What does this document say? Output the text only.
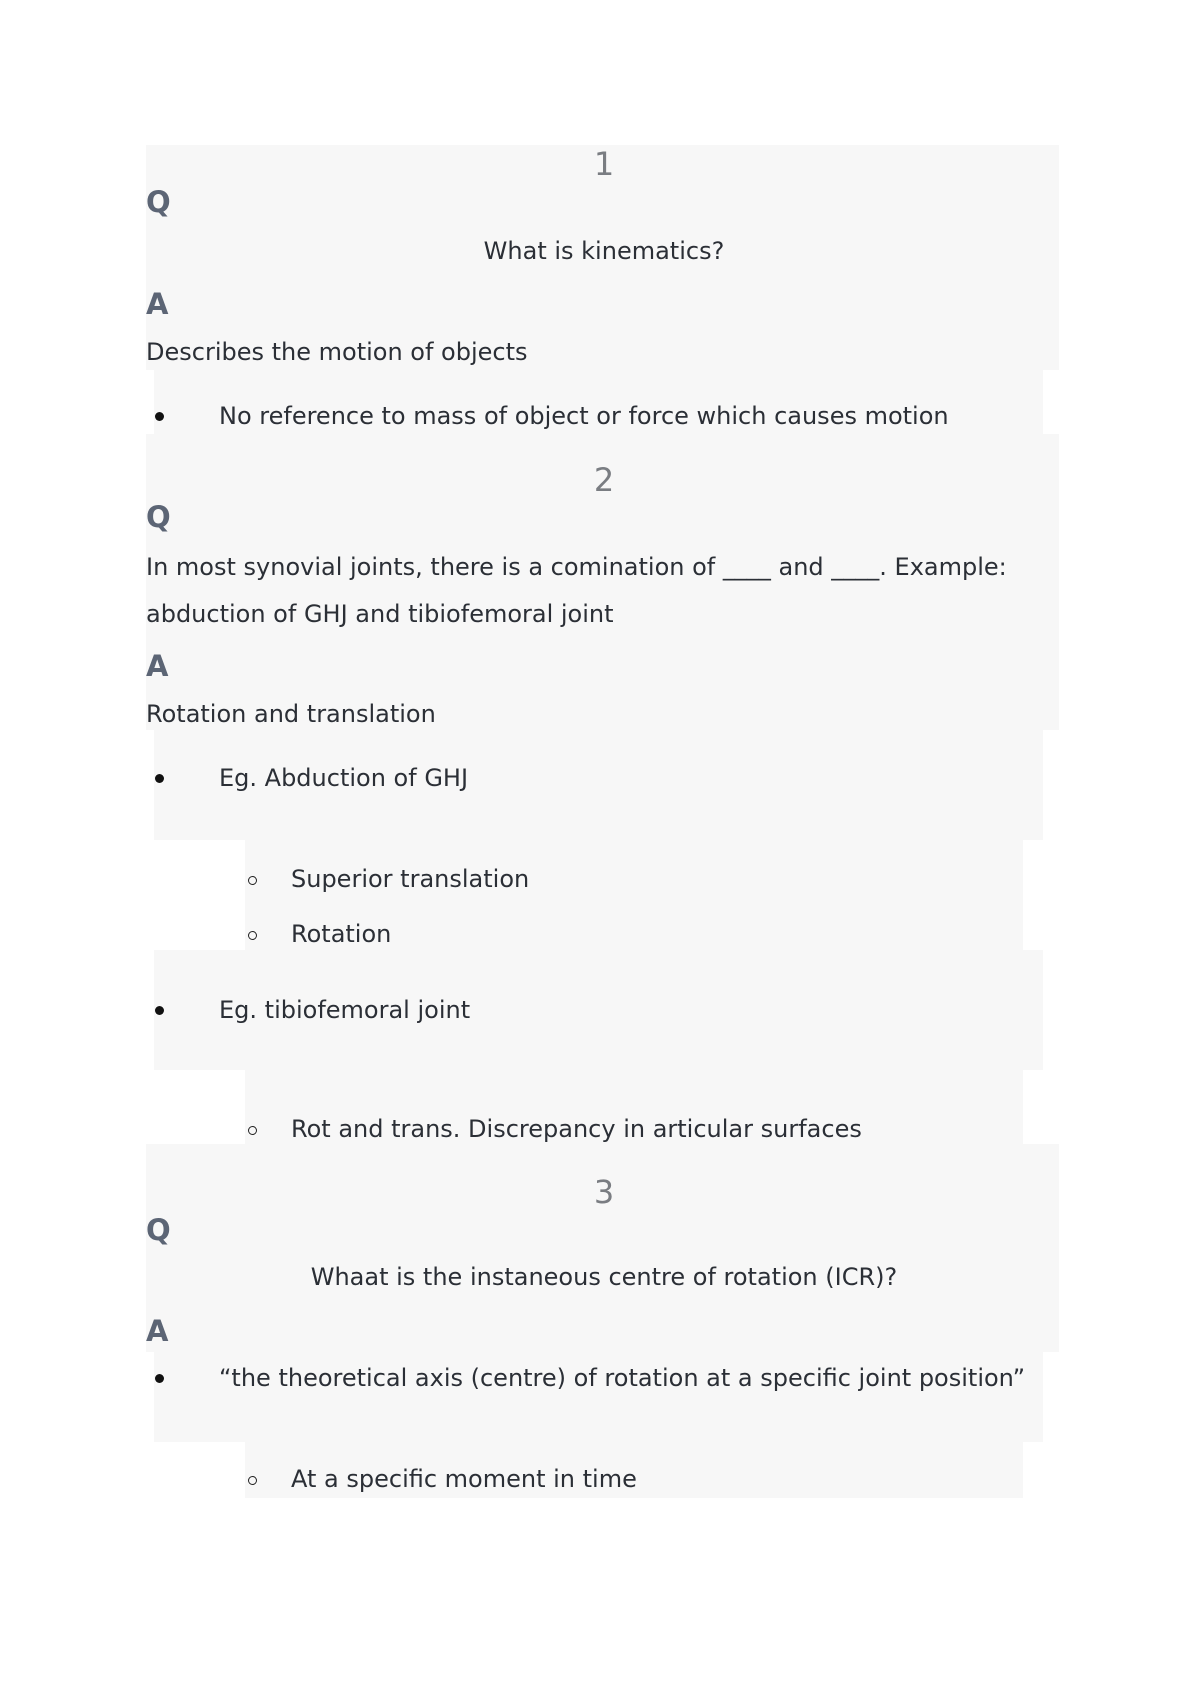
1
Q
What is kinematics?
A
Describes the motion of objects
No reference to mass of object or force which causes motion
2
Q
In most synovial joints, there is a comination of ____ and ____. Example:
abduction of GHJ and tibiofemoral joint
A
Rotation and translation
Eg. Abduction of GHJ
Superior translation
Rotation
Eg. tibiofemoral joint
Rot and trans. Discrepancy in articular surfaces
3
Q
Whaat is the instaneous centre of rotation (ICR)?
A
“the theoretical axis (centre) of rotation at a specific joint position”
At a specific moment in time
